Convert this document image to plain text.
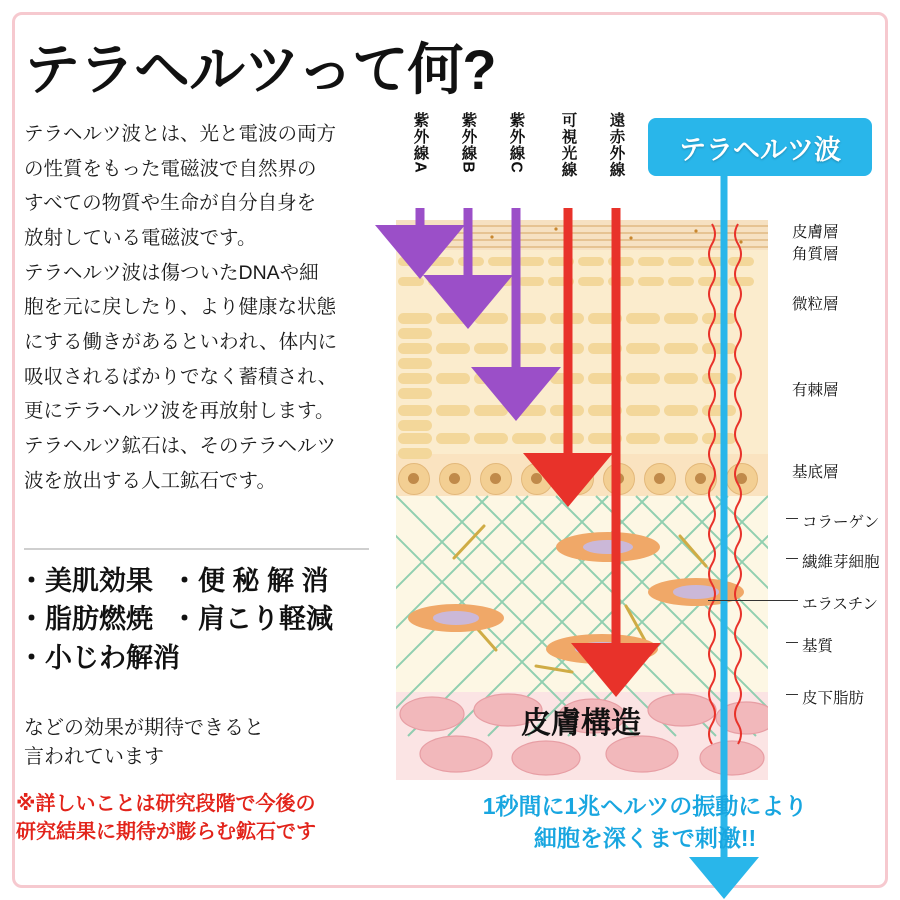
テラヘルツって何?

テラヘルツ波とは、光と電波の両方

の性質をもった電磁波で自然界の

すべての物質や生命が自分自身を

放射している電磁波です。

テラヘルツ波は傷ついたDNAや細

胞を元に戻したり、より健康な状態

にする働きがあるといわれ、体内に

吸収されるばかりでなく蓄積され、

更にテラヘルツ波を再放射します。

テラヘルツ鉱石は、そのテラヘルツ

波を放出する人工鉱石です。

・美肌効果 ・便 秘 解 消
・脂肪燃焼 ・肩こり軽減
・小じわ解消
などの効果が期待できると
言われています
※詳しいことは研究段階で今後の
研究結果に期待が膨らむ鉱石です
テラヘルツ波
紫外線A 紫外線B 紫外線C 可視光線 遠赤外線
皮膚層
角質層
微粒層
有棘層
基底層
コラーゲン
繊維芽細胞
エラスチン
基質
皮下脂肪
皮膚構造
1秒間に1兆ヘルツの振動により
細胞を深くまで刺激!!
